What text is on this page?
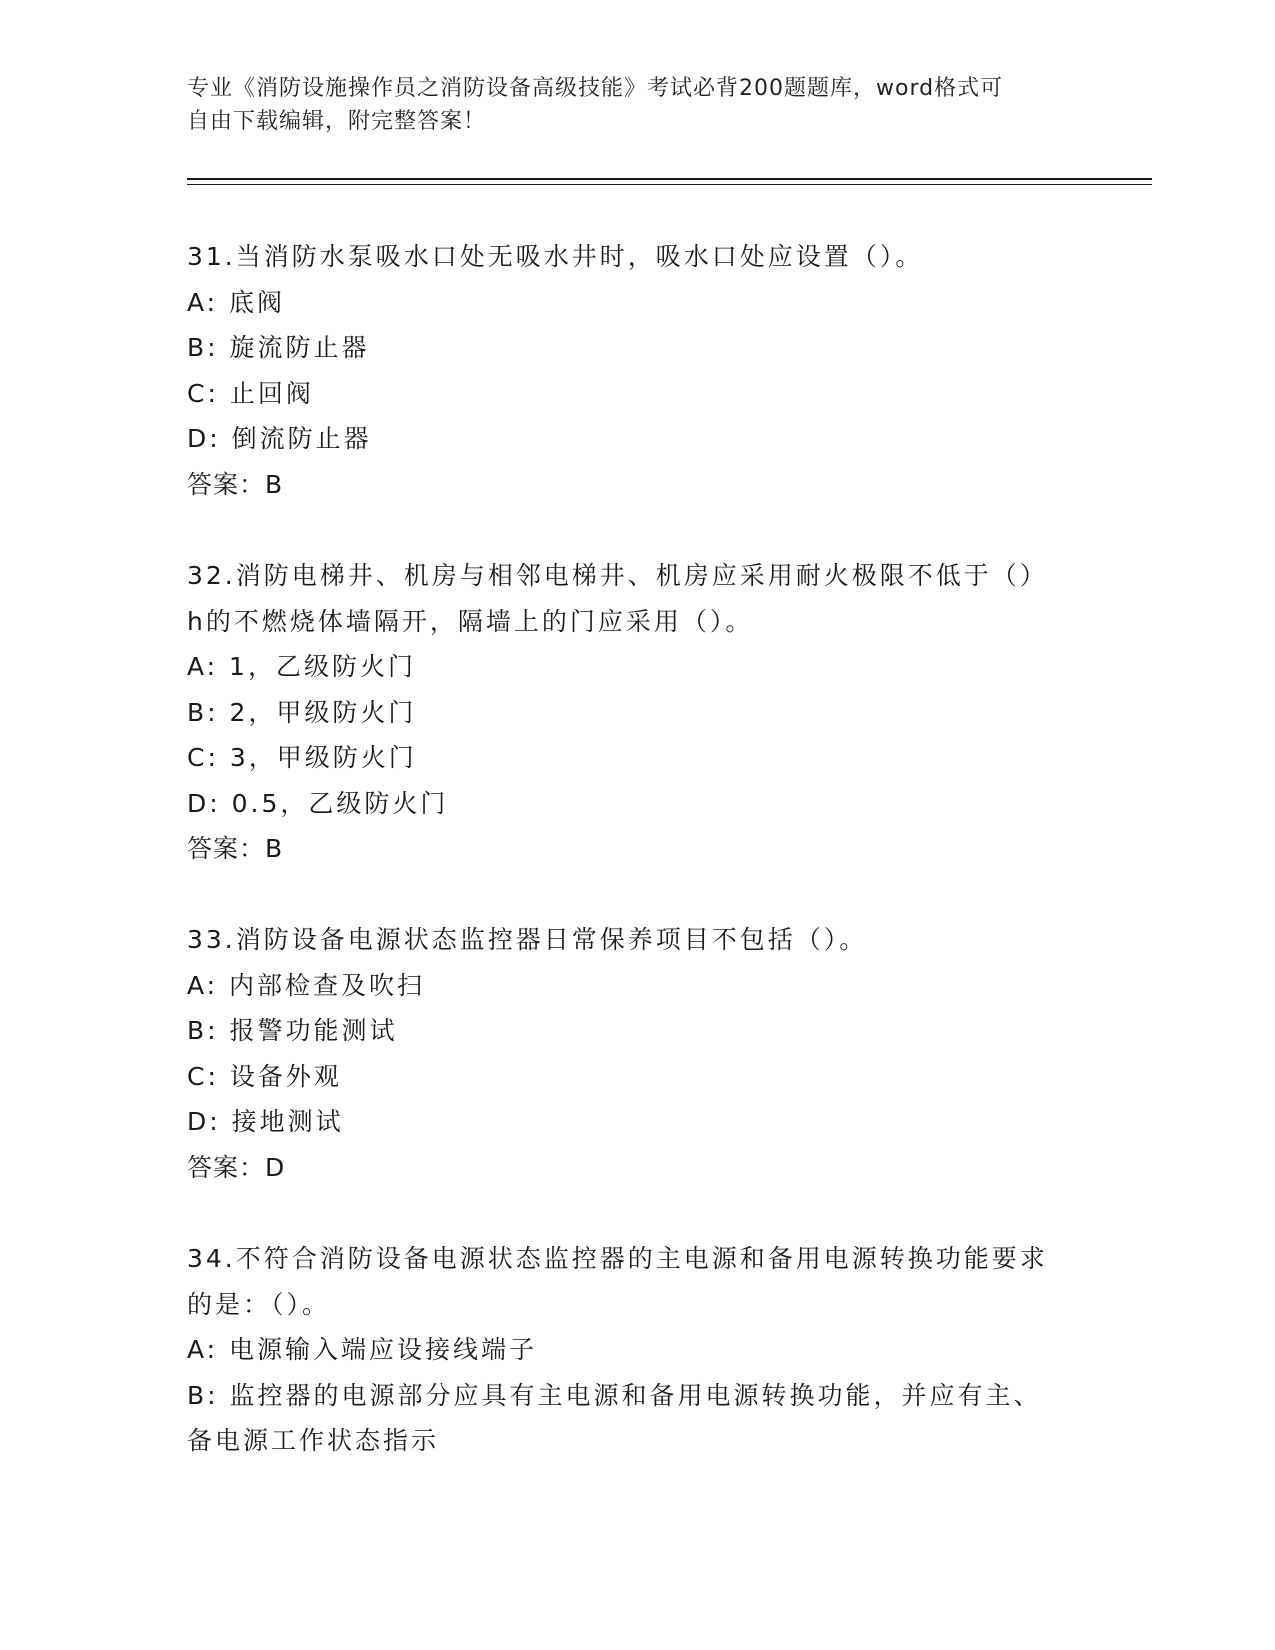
专业《消防设施操作员之消防设备高级技能》考试必背200题题库，word格式可
自由下载编辑，附完整答案！
31.当消防水泵吸水口处无吸水井时，吸水口处应设置（）。
A: 底阀
B: 旋流防止器
C: 止回阀
D: 倒流防止器
答案：B
32.消防电梯井、机房与相邻电梯井、机房应采用耐火极限不低于（）
h的不燃烧体墙隔开，隔墙上的门应采用（）。
A: 1，乙级防火门
B: 2，甲级防火门
C: 3，甲级防火门
D: 0.5，乙级防火门
答案：B
33.消防设备电源状态监控器日常保养项目不包括（）。
A: 内部检查及吹扫
B: 报警功能测试
C: 设备外观
D: 接地测试
答案：D
34.不符合消防设备电源状态监控器的主电源和备用电源转换功能要求
的是：（）。
A: 电源输入端应设接线端子
B: 监控器的电源部分应具有主电源和备用电源转换功能，并应有主、
备电源工作状态指示
